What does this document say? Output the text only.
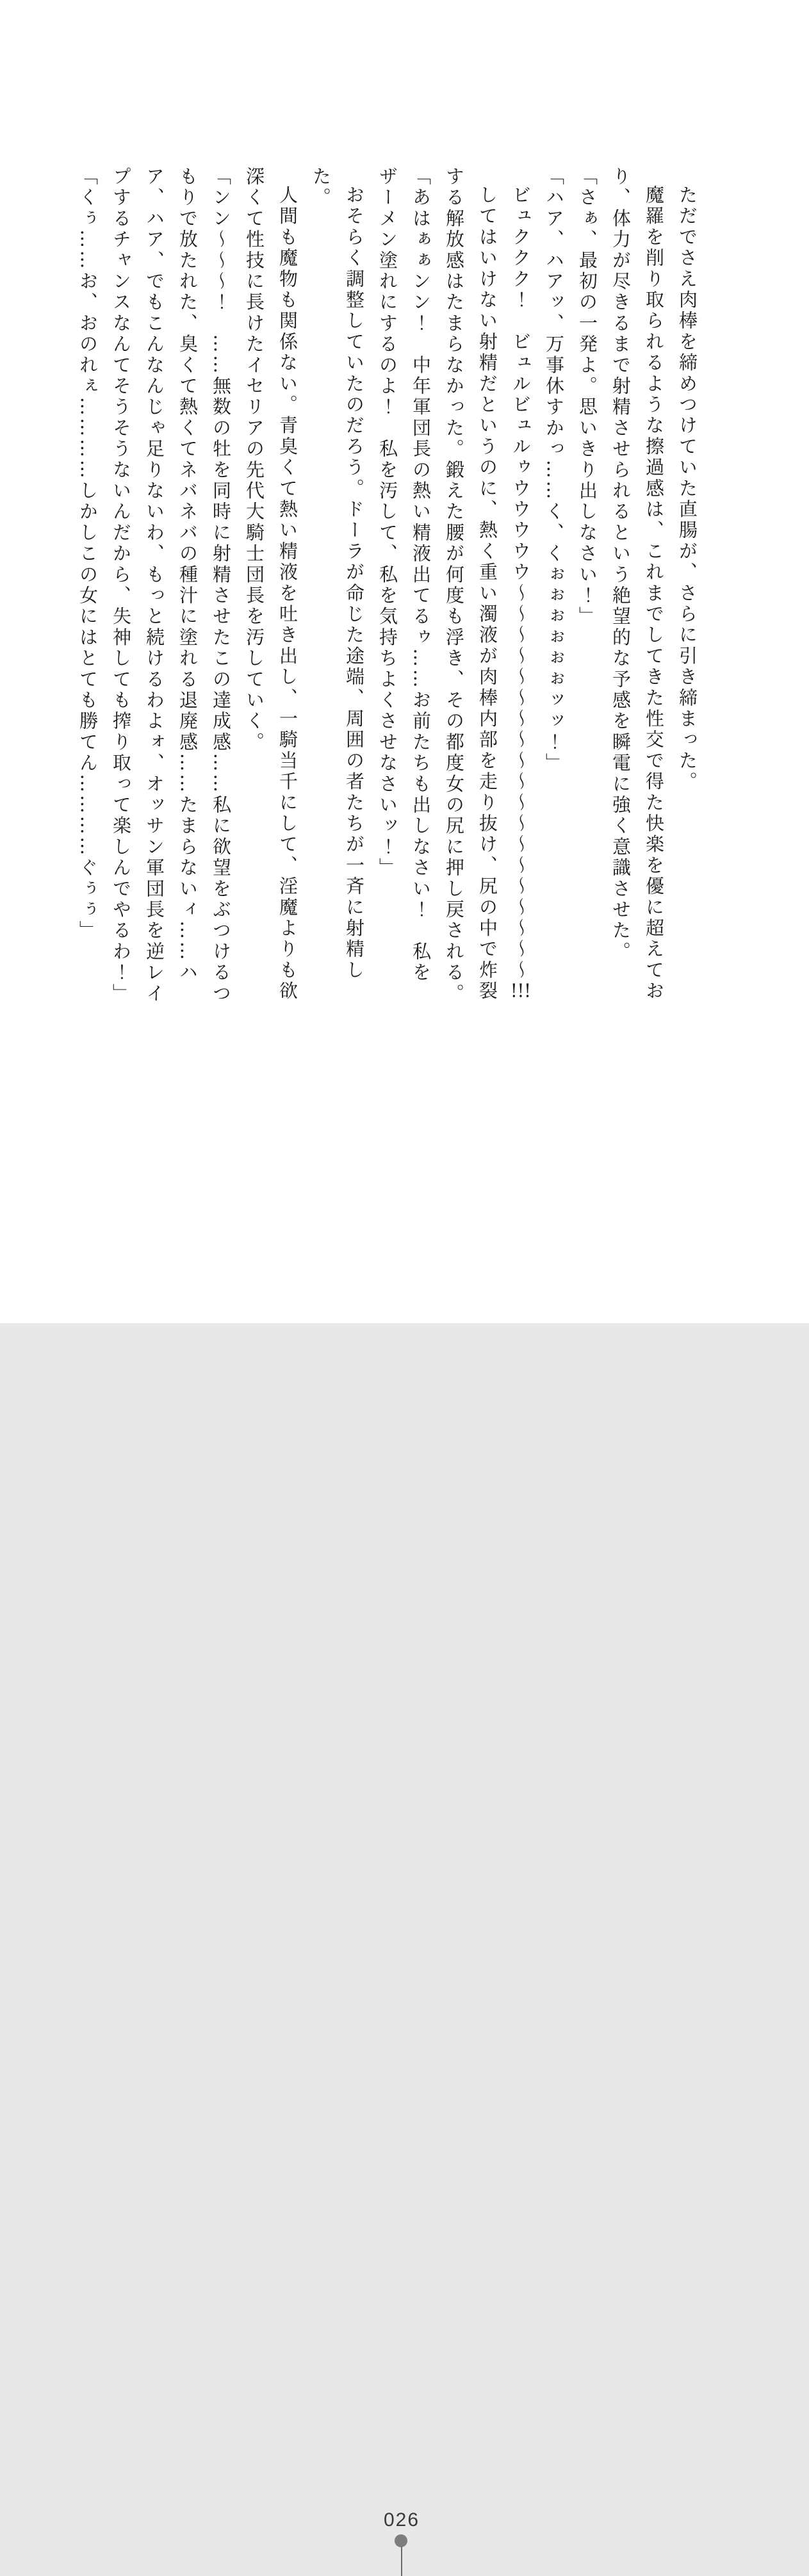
ただでさえ肉棒を締めつけていた直腸が、さらに引き締まった。

魔羅を削り取られるような擦過感は、これまでしてきた性交で得た快楽を優に超えており、体力が尽きるまで射精させられるという絶望的な予感を瞬電に強く意識させた。

「さぁ、最初の一発よ。思いきり出しなさい！」

「ハア、ハアッ、万事休すかっ……く、くぉぉぉぉぉぉッッ！」

ビュククク！　ビュルビュルゥウウウウウ〜〜〜〜〜〜〜〜〜〜〜〜〜〜〜〜〜〜〜!!!

してはいけない射精だというのに、熱く重い濁液が肉棒内部を走り抜け、尻の中で炸裂する解放感はたまらなかった。鍛えた腰が何度も浮き、その都度女の尻に押し戻される。

「あはぁぁンン！　中年軍団長の熱い精液出てるゥ……お前たちも出しなさい！　私をザーメン塗れにするのよ！　私を汚して、私を気持ちよくさせなさいッ！」

おそらく調整していたのだろう。ドーラが命じた途端、周囲の者たちが一斉に射精した。

人間も魔物も関係ない。青臭くて熱い精液を吐き出し、一騎当千にして、淫魔よりも欲深くて性技に長けたイセリアの先代大騎士団長を汚していく。

「ンン〜〜〜！　……無数の牡を同時に射精させたこの達成感……私に欲望をぶつけるつもりで放たれた、臭くて熱くてネバネバの種汁に塗れる退廃感……たまらないィ……ハア、ハア、でもこんなんじゃ足りないわ、もっと続けるわよォ、オッサン軍団長を逆レイプするチャンスなんてそうそうないんだから、失神しても搾り取って楽しんでやるわ！」

「くぅ……お、おのれぇ…………しかしこの女にはとても勝てん…………ぐぅぅ」

026
